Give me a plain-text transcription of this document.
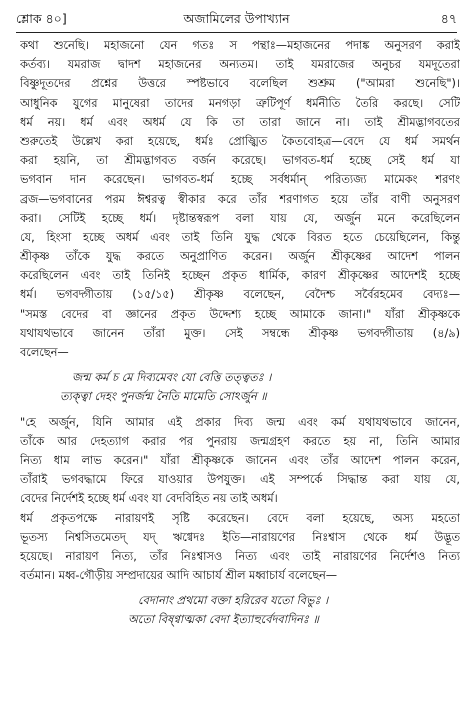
শ্লোক ৪০]	অজামিলের উপাখ্যান	৪৭
কথা শুনেছি। মহাজনো যেন গতঃ স পন্থাঃ—মহাজনের পদাঙ্ক অনুসরণ করাই
কর্তব্য। যমরাজ দ্বাদশ মহাজনের অন্যতম। তাই যমরাজের অনুচর যমদূতেরা
বিষ্ণুদূতদের প্রশ্নের উত্তরে স্পষ্টভাবে বলেছিল শুশ্রুম ("আমরা শুনেছি")।
আধুনিক যুগের মানুষেরা তাদের মনগড়া ত্রুটিপূর্ণ ধর্মনীতি তৈরি করছে। সেটি
ধর্ম নয়। ধর্ম এবং অধর্ম যে কি তা তারা জানে না। তাই শ্রীমদ্ভাগবতের
শুরুতেই উল্লেখ করা হয়েছে, ধর্মঃ প্রোজ্ঝিত কৈতবোহত্র—বেদে যে ধর্ম সমর্থন
করা হয়নি, তা শ্রীমদ্ভাগবত বর্জন করেছে। ভাগবত-ধর্ম হচ্ছে সেই ধর্ম যা
ভগবান দান করেছেন। ভাগবত-ধর্ম হচ্ছে সর্বধর্মান্ পরিত্যজ্য মামেকং শরণং
ব্রজ—ভগবানের পরম ঈশ্বরত্ব স্বীকার করে তাঁর শরণাগত হয়ে তাঁর বাণী অনুসরণ
করা। সেটিই হচ্ছে ধর্ম। দৃষ্টান্তস্বরূপ বলা যায় যে, অর্জুন মনে করেছিলেন
যে, হিংসা হচ্ছে অধর্ম এবং তাই তিনি যুদ্ধ থেকে বিরত হতে চেয়েছিলেন, কিন্তু
শ্রীকৃষ্ণ তাঁকে যুদ্ধ করতে অনুপ্রাণিত করেন। অর্জুন শ্রীকৃষ্ণের আদেশ পালন
করেছিলেন এবং তাই তিনিই হচ্ছেন প্রকৃত ধার্মিক, কারণ শ্রীকৃষ্ণের আদেশই হচ্ছে
ধর্ম। ভগবদ্গীতায় (১৫/১৫) শ্রীকৃষ্ণ বলেছেন, বেদৈশ্চ সর্বৈরহমেব বেদ্যঃ—
"সমস্ত বেদের বা জ্ঞানের প্রকৃত উদ্দেশ্য হচ্ছে আমাকে জানা।" যাঁরা শ্রীকৃষ্ণকে
যথাযথভাবে জানেন তাঁরা মুক্ত। সেই সম্বন্ধে শ্রীকৃষ্ণ ভগবদ্গীতায় (৪/৯)
বলেছেন—
জন্ম কর্ম চ মে দিব্যমেবং যো বেত্তি তত্ত্বতঃ ।
ত্যক্ত্বা দেহং পুনর্জন্ম নৈতি মামেতি সোঽর্জুন ॥
"হে অর্জুন, যিনি আমার এই প্রকার দিব্য জন্ম এবং কর্ম যথাযথভাবে জানেন,
তাঁকে আর দেহত্যাগ করার পর পুনরায় জন্মগ্রহণ করতে হয় না, তিনি আমার
নিত্য ধাম লাভ করেন।" যাঁরা শ্রীকৃষ্ণকে জানেন এবং তাঁর আদেশ পালন করেন,
তাঁরাই ভগবদ্ধামে ফিরে যাওয়ার উপযুক্ত। এই সম্পর্কে সিদ্ধান্ত করা যায় যে,
বেদের নির্দেশই হচ্ছে ধর্ম এবং যা বেদবিহিত নয় তাই অধর্ম।
ধর্ম প্রকৃতপক্ষে নারায়ণই সৃষ্টি করেছেন। বেদে বলা হয়েছে, অস্য মহতো
ভূতস্য নিশ্বসিতমেতদ্ যদ্ ঋগ্বেদঃ ইতি—নারায়ণের নিঃশ্বাস থেকে ধর্ম উদ্ভূত
হয়েছে। নারায়ণ নিত্য, তাঁর নিঃশ্বাসও নিত্য এবং তাই নারায়ণের নির্দেশও নিত্য
বর্তমান। মধ্ব-গৌড়ীয় সম্প্রদায়ের আদি আচার্য শ্রীল মধ্বাচার্য বলেছেন—
বেদানাং প্রথমো বক্তা হরিরেব যতো বিভুঃ ।
অতো বিষ্ণ্বাত্মকা বেদা ইত্যাহুর্বেদবাদিনঃ ॥
